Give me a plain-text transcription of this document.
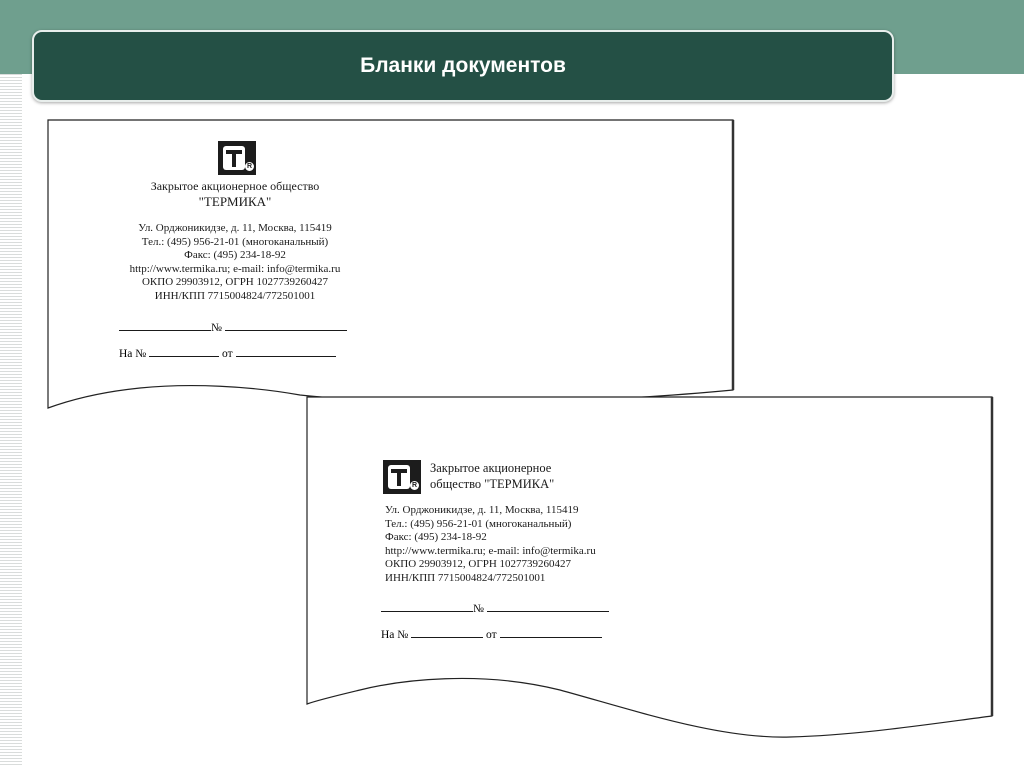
Бланки документов
R
Закрытое акционерное общество
"ТЕРМИКА"
Ул. Орджоникидзе, д. 11, Москва, 115419
Тел.: (495) 956-21-01 (многоканальный)
Факс: (495) 234-18-92
http://www.termika.ru; e-mail: info@termika.ru
ОКПО 29903912, ОГРН 1027739260427
ИНН/КПП 7715004824/772501001
№
На №	от
R
Закрытое акционерное
общество "ТЕРМИКА"
Ул. Орджоникидзе, д. 11, Москва, 115419
Тел.: (495) 956-21-01 (многоканальный)
Факс: (495) 234-18-92
http://www.termika.ru; e-mail: info@termika.ru
ОКПО 29903912, ОГРН 1027739260427
ИНН/КПП 7715004824/772501001
№
На №	от
